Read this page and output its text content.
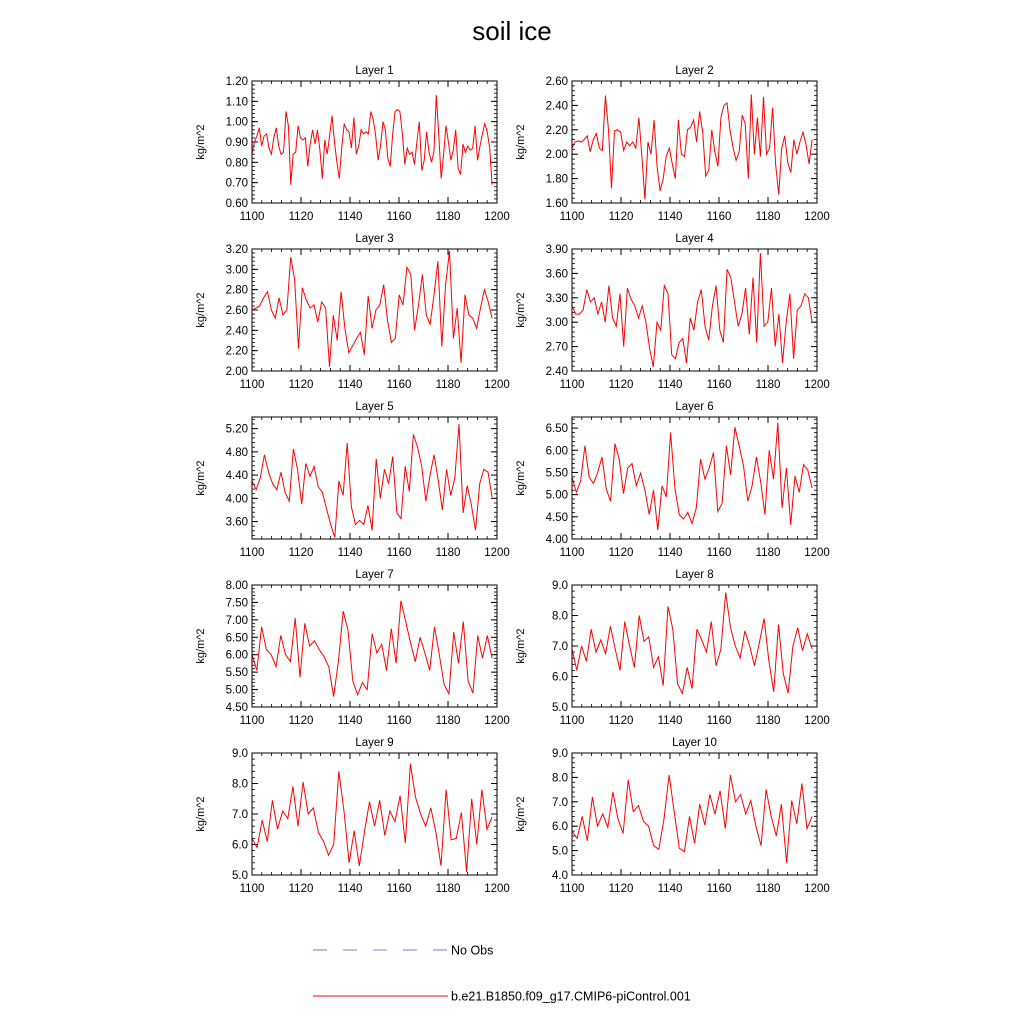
soil ice
Layer 1
kg/m^2
1100 1120 1140 1160 1180 1200
0.60
0.70
0.80
0.90
1.00
1.10
1.20
Layer 2
kg/m^2
1100 1120 1140 1160 1180 1200
1.60
1.80
2.00
2.20
2.40
2.60
Layer 3
kg/m^2
1100 1120 1140 1160 1180 1200
2.00
2.20
2.40
2.60
2.80
3.00
3.20
Layer 4
kg/m^2
1100 1120 1140 1160 1180 1200
2.40
2.70
3.00
3.30
3.60
3.90
Layer 5
kg/m^2
1100 1120 1140 1160 1180 1200
3.60
4.00
4.40
4.80
5.20
Layer 6
kg/m^2
1100 1120 1140 1160 1180 1200
4.00
4.50
5.00
5.50
6.00
6.50
Layer 7
kg/m^2
1100 1120 1140 1160 1180 1200
4.50
5.00
5.50
6.00
6.50
7.00
7.50
8.00
Layer 8
kg/m^2
1100 1120 1140 1160 1180 1200
5.0
6.0
7.0
8.0
9.0
Layer 9
kg/m^2
1100 1120 1140 1160 1180 1200
5.0
6.0
7.0
8.0
9.0
Layer 10
kg/m^2
1100 1120 1140 1160 1180 1200
4.0
5.0
6.0
7.0
8.0
9.0
No Obs
b.e21.B1850.f09_g17.CMIP6-piControl.001
